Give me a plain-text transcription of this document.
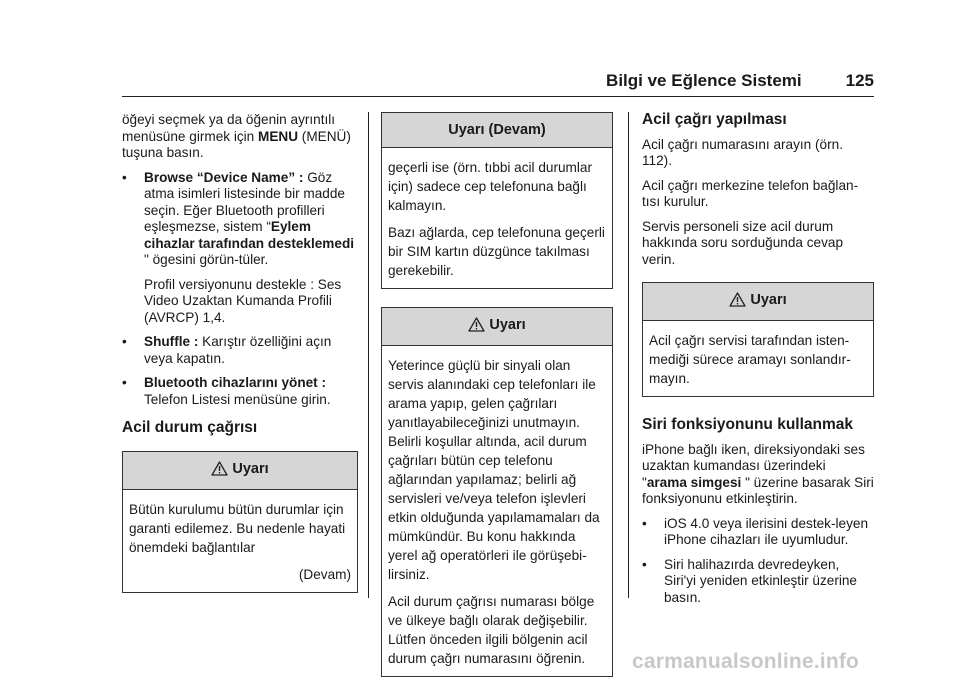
Bilgi ve Eğlence Sistemi	125

öğeyi seçmek ya da öğenin ayrıntılı menüsüne girmek için MENU (MENÜ) tuşuna basın.

•	Browse “Device Name” : Göz atma isimleri listesinde bir madde seçin. Eğer Bluetooth profilleri eşleşmezse, sistem “Eylem cihazlar tarafından desteklemedi " ögesini görün-tüler.

Profil versiyonunu destekle : Ses Video Uzaktan Kumanda Profili (AVRCP) 1,4.

•	Shuffle : Karıştır özelliğini açın veya kapatın.
•	Bluetooth cihazlarını yönet : Telefon Listesi menüsüne girin.
Acil durum çağrısı
Uyarı

Bütün kurulumu bütün durumlar için garanti edilemez. Bu nedenle hayati önemdeki bağlantılar

(Devam)

Uyarı (Devam)

geçerli ise (örn. tıbbi acil durumlar için) sadece cep telefonuna bağlı kalmayın.

Bazı ağlarda, cep telefonuna geçerli bir SIM kartın düzgünce takılması gerekebilir.

Uyarı

Yeterince güçlü bir sinyali olan servis alanındaki cep telefonları ile arama yapıp, gelen çağrıları yanıtlayabileceğinizi unutmayın. Belirli koşullar altında, acil durum çağrıları bütün cep telefonu ağlarından yapılamaz; belirli ağ servisleri ve/veya telefon işlevleri etkin olduğunda yapılamamaları da mümkündür. Bu konu hakkında yerel ağ operatörleri ile görüşebi-lirsiniz.

Acil durum çağrısı numarası bölge ve ülkeye bağlı olarak değişebilir. Lütfen önceden ilgili bölgenin acil durum çağrı numarasını öğrenin.

Acil çağrı yapılması

Acil çağrı numarasını arayın (örn. 112).

Acil çağrı merkezine telefon bağlan-tısı kurulur.

Servis personeli size acil durum hakkında soru sorduğunda cevap verin.

Uyarı

Acil çağrı servisi tarafından isten-mediği sürece aramayı sonlandır-mayın.

Siri fonksiyonunu kullanmak

iPhone bağlı iken, direksiyondaki ses uzaktan kumandası üzerindeki "arama simgesi " üzerine basarak Siri fonksiyonunu etkinleştirin.

•	iOS 4.0 veya ilerisini destek-leyen iPhone cihazları ile uyumludur.
•	Siri halihazırda devredeyken, Siri'yi yeniden etkinleştir üzerine basın.
carmanualsonline.info
